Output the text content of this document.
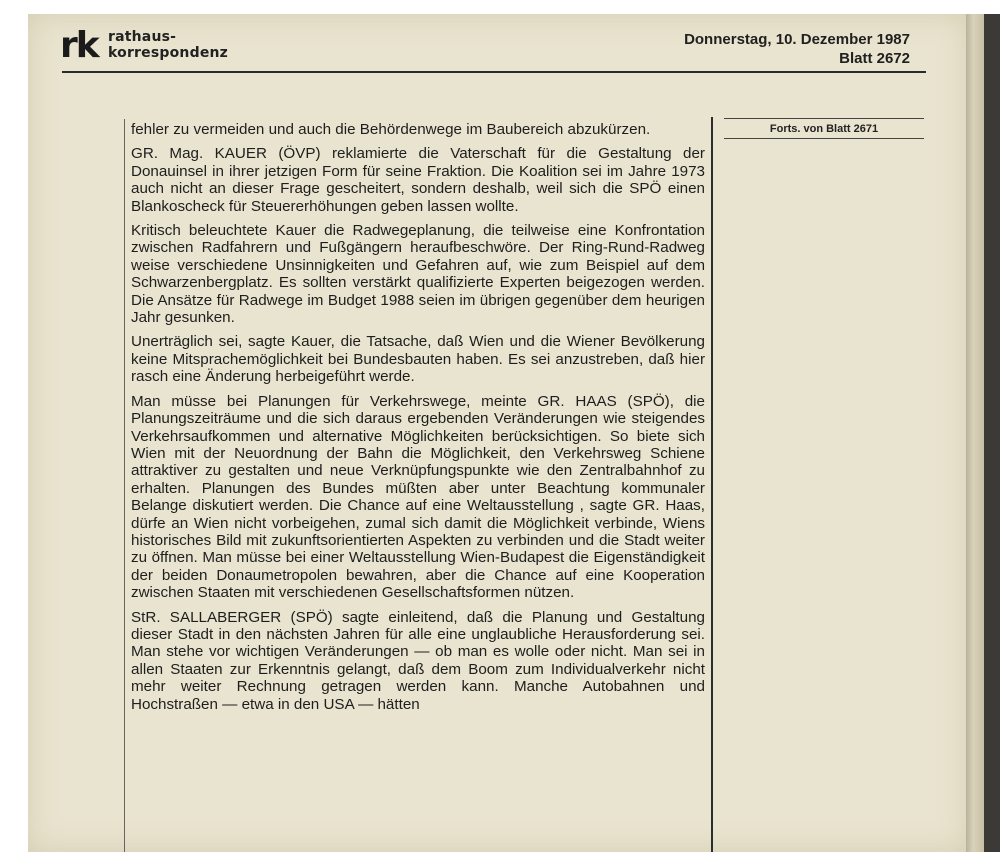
rk rathaus-
korrespondenz
Donnerstag, 10. Dezember 1987
Blatt 2672

fehler zu vermeiden und auch die Behördenwege im Baubereich abzukürzen.

GR. Mag. KAUER (ÖVP) reklamierte die Vaterschaft für die Gestaltung der Donauinsel in ihrer jetzigen Form für seine Fraktion. Die Koalition sei im Jahre 1973 auch nicht an dieser Frage gescheitert, sondern deshalb, weil sich die SPÖ einen Blankoscheck für Steuererhöhungen geben lassen wollte.

Kritisch beleuchtete Kauer die Radwegeplanung, die teilweise eine Konfrontation zwischen Radfahrern und Fußgängern heraufbeschwöre. Der Ring-Rund-Radweg weise verschiedene Unsinnigkeiten und Gefahren auf, wie zum Beispiel auf dem Schwarzenbergplatz. Es sollten verstärkt qualifizierte Experten beigezogen werden. Die Ansätze für Radwege im Budget 1988 seien im übrigen gegenüber dem heurigen Jahr gesunken.

Unerträglich sei, sagte Kauer, die Tatsache, daß Wien und die Wiener Bevölkerung keine Mitsprachemöglichkeit bei Bundesbauten haben. Es sei anzustreben, daß hier rasch eine Änderung herbeigeführt werde.

Man müsse bei Planungen für Verkehrswege, meinte GR. HAAS (SPÖ), die Planungszeiträume und die sich daraus ergebenden Veränderungen wie steigendes Verkehrsaufkommen und alternative Möglichkeiten berücksichtigen. So biete sich Wien mit der Neuordnung der Bahn die Möglichkeit, den Verkehrsweg Schiene attraktiver zu gestalten und neue Verknüpfungspunkte wie den Zentralbahnhof zu erhalten. Planungen des Bundes müßten aber unter Beachtung kommunaler Belange diskutiert werden. Die Chance auf eine Weltausstellung , sagte GR. Haas, dürfe an Wien nicht vorbeigehen, zumal sich damit die Möglichkeit verbinde, Wiens historisches Bild mit zukunftsorientierten Aspekten zu verbinden und die Stadt weiter zu öffnen. Man müsse bei einer Weltausstellung Wien-Budapest die Eigenständigkeit der beiden Donaumetropolen bewahren, aber die Chance auf eine Kooperation zwischen Staaten mit verschiedenen Gesellschaftsformen nützen.

StR. SALLABERGER (SPÖ) sagte einleitend, daß die Planung und Gestaltung dieser Stadt in den nächsten Jahren für alle eine unglaubliche Herausforderung sei. Man stehe vor wichtigen Veränderungen — ob man es wolle oder nicht. Man sei in allen Staaten zur Erkenntnis gelangt, daß dem Boom zum Individualverkehr nicht mehr weiter Rechnung getragen werden kann. Manche Autobahnen und Hochstraßen — etwa in den USA — hätten

Forts. von Blatt 2671
